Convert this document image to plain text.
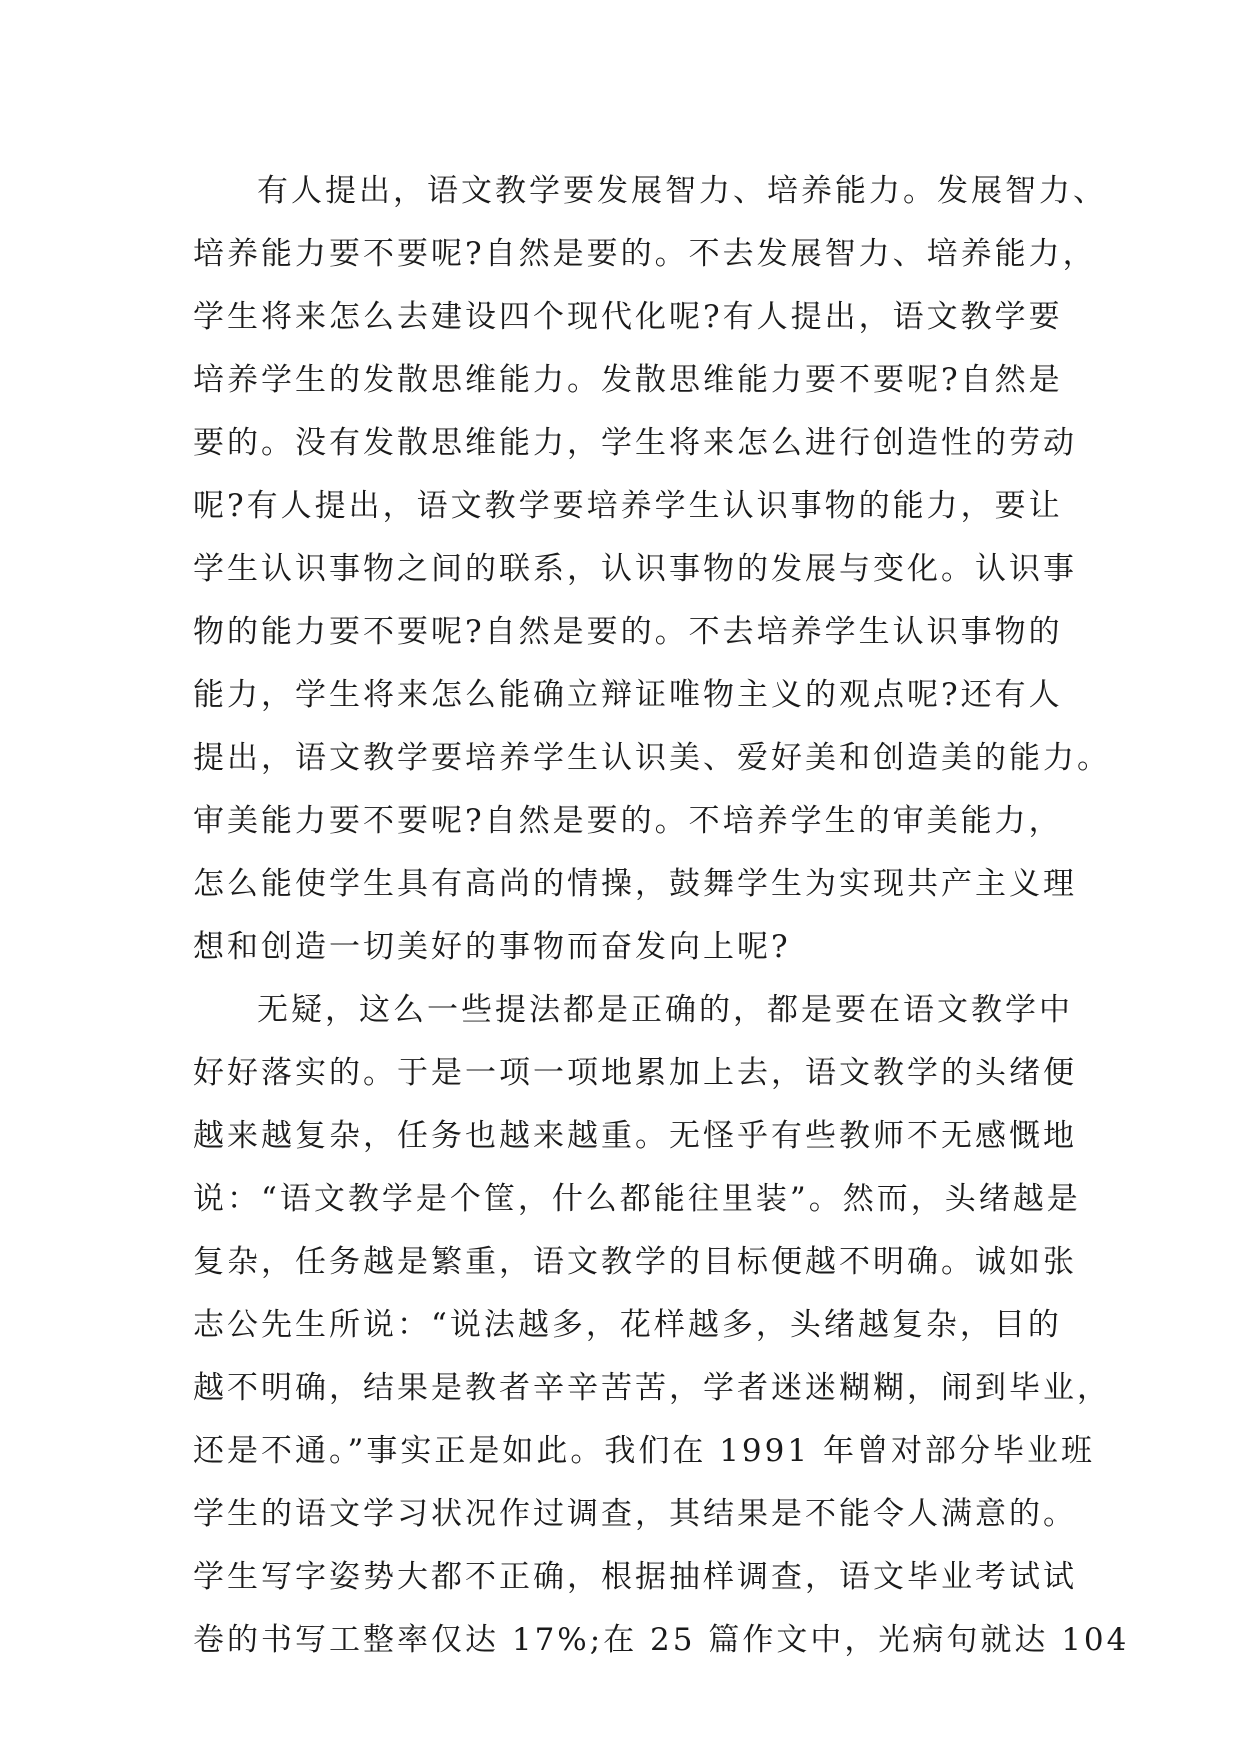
有人提出，语文教学要发展智力、培养能力。发展智力、
培养能力要不要呢?自然是要的。不去发展智力、培养能力，
学生将来怎么去建设四个现代化呢?有人提出，语文教学要
培养学生的发散思维能力。发散思维能力要不要呢?自然是
要的。没有发散思维能力，学生将来怎么进行创造性的劳动
呢?有人提出，语文教学要培养学生认识事物的能力，要让
学生认识事物之间的联系，认识事物的发展与变化。认识事
物的能力要不要呢?自然是要的。不去培养学生认识事物的
能力，学生将来怎么能确立辩证唯物主义的观点呢?还有人
提出，语文教学要培养学生认识美、爱好美和创造美的能力。
审美能力要不要呢?自然是要的。不培养学生的审美能力，
怎么能使学生具有高尚的情操，鼓舞学生为实现共产主义理
想和创造一切美好的事物而奋发向上呢?
无疑，这么一些提法都是正确的，都是要在语文教学中
好好落实的。于是一项一项地累加上去，语文教学的头绪便
越来越复杂，任务也越来越重。无怪乎有些教师不无感慨地
说：“语文教学是个筐，什么都能往里装”。然而，头绪越是
复杂，任务越是繁重，语文教学的目标便越不明确。诚如张
志公先生所说：“说法越多，花样越多，头绪越复杂，目的
越不明确，结果是教者辛辛苦苦，学者迷迷糊糊，闹到毕业，
还是不通。”事实正是如此。我们在 1991 年曾对部分毕业班
学生的语文学习状况作过调查，其结果是不能令人满意的。
学生写字姿势大都不正确，根据抽样调查，语文毕业考试试
卷的书写工整率仅达 17%;在 25 篇作文中，光病句就达 104
